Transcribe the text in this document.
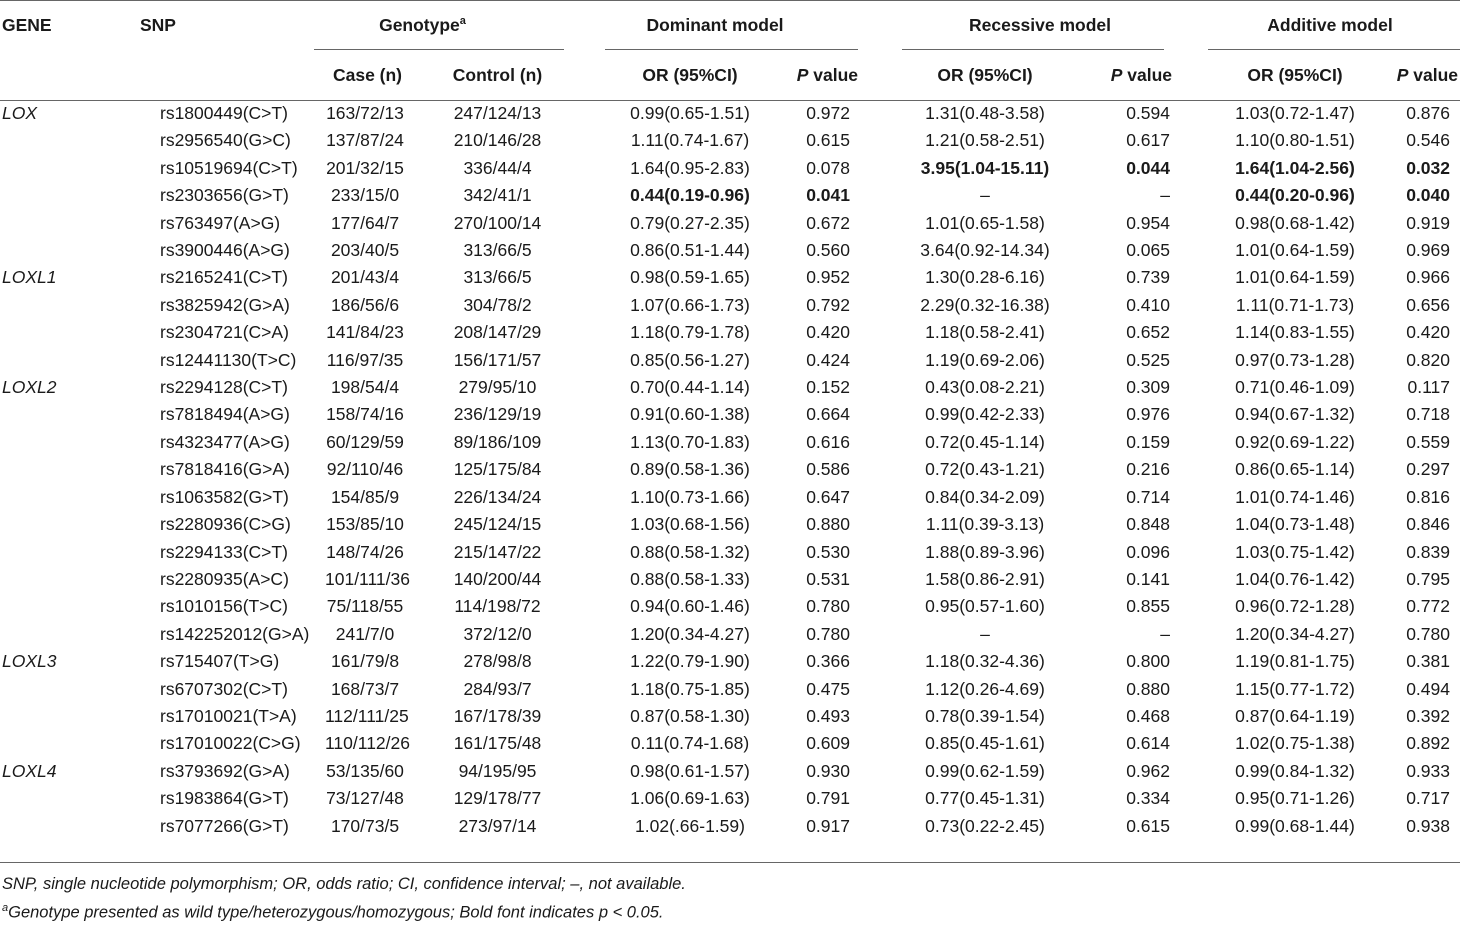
GENE	SNP	Genotype$^a$		Dominant model		Recessive model		Additive model	
		Case (n)	Control (n)	OR (95%CI)	P value	OR (95%CI)	P value	OR (95%CI)	P value
LOX	rs1800449(C>T)	163/72/13	247/124/13	0.99(0.65-1.51)	0.972	1.31(0.48-3.58)	0.594	1.03(0.72-1.47)	0.876
	rs2956540(G>C)	137/87/24	210/146/28	1.11(0.74-1.67)	0.615	1.21(0.58-2.51)	0.617	1.10(0.80-1.51)	0.546
	rs10519694(C>T)	201/32/15	336/44/4	1.64(0.95-2.83)	0.078	3.95(1.04-15.11)	0.044	1.64(1.04-2.56)	0.032
	rs2303656(G>T)	233/15/0	342/41/1	0.44(0.19-0.96)	0.041	–	–	0.44(0.20-0.96)	0.040
	rs763497(A>G)	177/64/7	270/100/14	0.79(0.27-2.35)	0.672	1.01(0.65-1.58)	0.954	0.98(0.68-1.42)	0.919
	rs3900446(A>G)	203/40/5	313/66/5	0.86(0.51-1.44)	0.560	3.64(0.92-14.34)	0.065	1.01(0.64-1.59)	0.969
LOXL1	rs2165241(C>T)	201/43/4	313/66/5	0.98(0.59-1.65)	0.952	1.30(0.28-6.16)	0.739	1.01(0.64-1.59)	0.966
	rs3825942(G>A)	186/56/6	304/78/2	1.07(0.66-1.73)	0.792	2.29(0.32-16.38)	0.410	1.11(0.71-1.73)	0.656
	rs2304721(C>A)	141/84/23	208/147/29	1.18(0.79-1.78)	0.420	1.18(0.58-2.41)	0.652	1.14(0.83-1.55)	0.420
	rs12441130(T>C)	116/97/35	156/171/57	0.85(0.56-1.27)	0.424	1.19(0.69-2.06)	0.525	0.97(0.73-1.28)	0.820
LOXL2	rs2294128(C>T)	198/54/4	279/95/10	0.70(0.44-1.14)	0.152	0.43(0.08-2.21)	0.309	0.71(0.46-1.09)	0.117
	rs7818494(A>G)	158/74/16	236/129/19	0.91(0.60-1.38)	0.664	0.99(0.42-2.33)	0.976	0.94(0.67-1.32)	0.718
	rs4323477(A>G)	60/129/59	89/186/109	1.13(0.70-1.83)	0.616	0.72(0.45-1.14)	0.159	0.92(0.69-1.22)	0.559
	rs7818416(G>A)	92/110/46	125/175/84	0.89(0.58-1.36)	0.586	0.72(0.43-1.21)	0.216	0.86(0.65-1.14)	0.297
	rs1063582(G>T)	154/85/9	226/134/24	1.10(0.73-1.66)	0.647	0.84(0.34-2.09)	0.714	1.01(0.74-1.46)	0.816
	rs2280936(C>G)	153/85/10	245/124/15	1.03(0.68-1.56)	0.880	1.11(0.39-3.13)	0.848	1.04(0.73-1.48)	0.846
	rs2294133(C>T)	148/74/26	215/147/22	0.88(0.58-1.32)	0.530	1.88(0.89-3.96)	0.096	1.03(0.75-1.42)	0.839
	rs2280935(A>C)	101/111/36	140/200/44	0.88(0.58-1.33)	0.531	1.58(0.86-2.91)	0.141	1.04(0.76-1.42)	0.795
	rs1010156(T>C)	75/118/55	114/198/72	0.94(0.60-1.46)	0.780	0.95(0.57-1.60)	0.855	0.96(0.72-1.28)	0.772
	rs142252012(G>A)	241/7/0	372/12/0	1.20(0.34-4.27)	0.780	–	–	1.20(0.34-4.27)	0.780
LOXL3	rs715407(T>G)	161/79/8	278/98/8	1.22(0.79-1.90)	0.366	1.18(0.32-4.36)	0.800	1.19(0.81-1.75)	0.381
	rs6707302(C>T)	168/73/7	284/93/7	1.18(0.75-1.85)	0.475	1.12(0.26-4.69)	0.880	1.15(0.77-1.72)	0.494
	rs17010021(T>A)	112/111/25	167/178/39	0.87(0.58-1.30)	0.493	0.78(0.39-1.54)	0.468	0.87(0.64-1.19)	0.392
	rs17010022(C>G)	110/112/26	161/175/48	0.11(0.74-1.68)	0.609	0.85(0.45-1.61)	0.614	1.02(0.75-1.38)	0.892
LOXL4	rs3793692(G>A)	53/135/60	94/195/95	0.98(0.61-1.57)	0.930	0.99(0.62-1.59)	0.962	0.99(0.84-1.32)	0.933
	rs1983864(G>T)	73/127/48	129/178/77	1.06(0.69-1.63)	0.791	0.77(0.45-1.31)	0.334	0.95(0.71-1.26)	0.717
	rs7077266(G>T)	170/73/5	273/97/14	1.02(.66-1.59)	0.917	0.73(0.22-2.45)	0.615	0.99(0.68-1.44)	0.938
SNP, single nucleotide polymorphism; OR, odds ratio; CI, confidence interval; –, not available.
$^a$Genotype presented as wild type/heterozygous/homozygous; Bold font indicates p < 0.05.
